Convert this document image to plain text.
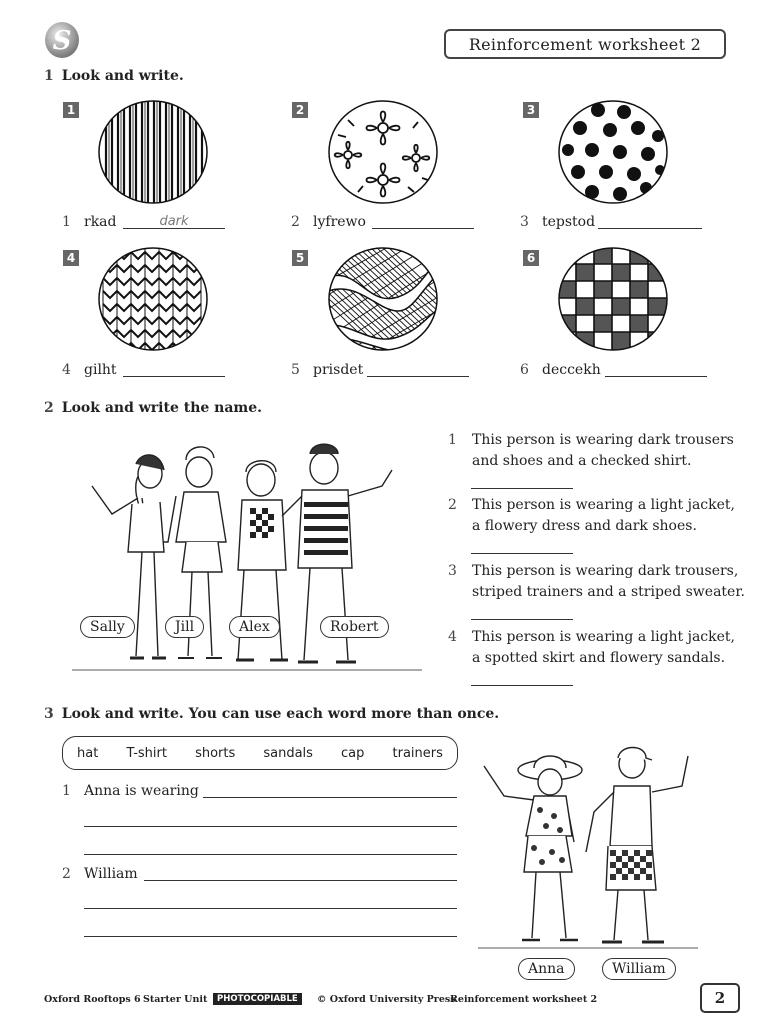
S	Reinforcement worksheet 2
1 Look and write.
1	2	3
1 rkad	dark	2 lyfrewo	3 tepstod
4	5	6
4 gilht	5 prisdet	6 deccekh
2 Look and write the name.
Sally	Jill	Alex	Robert
1 This person is wearing dark trousers
and shoes and a checked shirt.
2 This person is wearing a light jacket,
a flowery dress and dark shoes.
3 This person is wearing dark trousers,
striped trainers and a striped sweater.
4 This person is wearing a light jacket,
a spotted skirt and flowery sandals.
3 Look and write. You can use each word more than once.
hat T-shirt shorts sandals cap trainers
1 Anna is wearing
2 William
Anna	William
Oxford Rooftops 6 Starter Unit	PHOTOCOPIABLE	© Oxford University Press
Reinforcement worksheet 2	2
